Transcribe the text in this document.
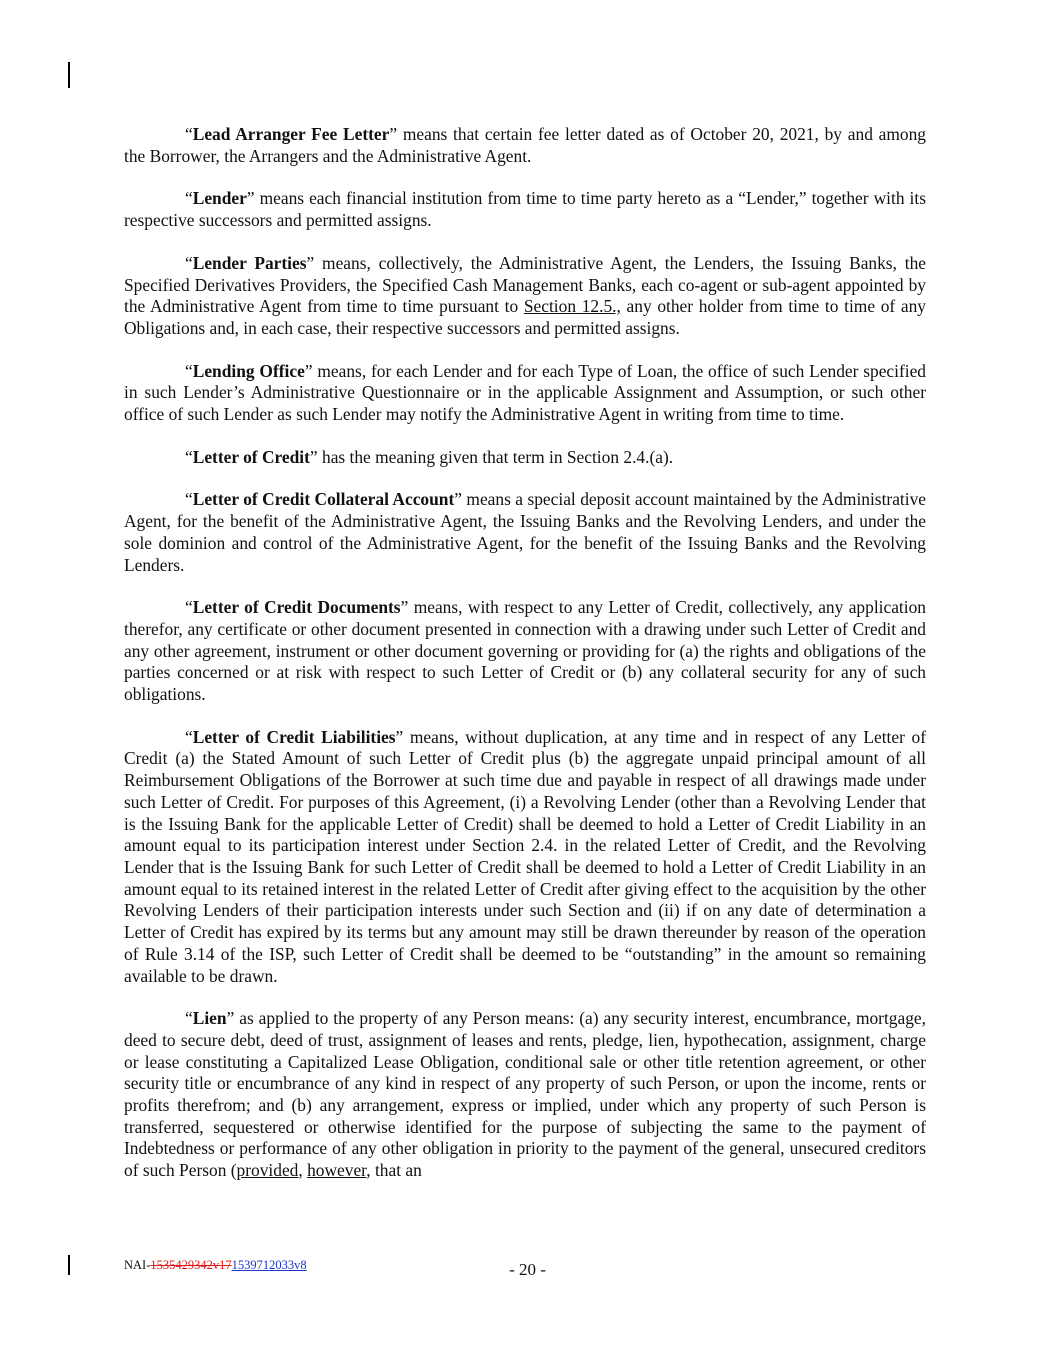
“Lead Arranger Fee Letter” means that certain fee letter dated as of October 20, 2021, by and among the Borrower, the Arrangers and the Administrative Agent.

“Lender” means each financial institution from time to time party hereto as a “Lender,” together with its respective successors and permitted assigns.

“Lender Parties” means, collectively, the Administrative Agent, the Lenders, the Issuing Banks, the Specified Derivatives Providers, the Specified Cash Management Banks, each co-agent or sub-agent appointed by the Administrative Agent from time to time pursuant to Section 12.5., any other holder from time to time of any Obligations and, in each case, their respective successors and permitted assigns.

“Lending Office” means, for each Lender and for each Type of Loan, the office of such Lender specified in such Lender’s Administrative Questionnaire or in the applicable Assignment and Assumption, or such other office of such Lender as such Lender may notify the Administrative Agent in writing from time to time.

“Letter of Credit” has the meaning given that term in Section 2.4.(a).

“Letter of Credit Collateral Account” means a special deposit account maintained by the Administrative Agent, for the benefit of the Administrative Agent, the Issuing Banks and the Revolving Lenders, and under the sole dominion and control of the Administrative Agent, for the benefit of the Issuing Banks and the Revolving Lenders.

“Letter of Credit Documents” means, with respect to any Letter of Credit, collectively, any application therefor, any certificate or other document presented in connection with a drawing under such Letter of Credit and any other agreement, instrument or other document governing or providing for (a) the rights and obligations of the parties concerned or at risk with respect to such Letter of Credit or (b) any collateral security for any of such obligations.

“Letter of Credit Liabilities” means, without duplication, at any time and in respect of any Letter of Credit (a) the Stated Amount of such Letter of Credit plus (b) the aggregate unpaid principal amount of all Reimbursement Obligations of the Borrower at such time due and payable in respect of all drawings made under such Letter of Credit. For purposes of this Agreement, (i) a Revolving Lender (other than a Revolving Lender that is the Issuing Bank for the applicable Letter of Credit) shall be deemed to hold a Letter of Credit Liability in an amount equal to its participation interest under Section 2.4. in the related Letter of Credit, and the Revolving Lender that is the Issuing Bank for such Letter of Credit shall be deemed to hold a Letter of Credit Liability in an amount equal to its retained interest in the related Letter of Credit after giving effect to the acquisition by the other Revolving Lenders of their participation interests under such Section and (ii) if on any date of determination a Letter of Credit has expired by its terms but any amount may still be drawn thereunder by reason of the operation of Rule 3.14 of the ISP, such Letter of Credit shall be deemed to be “outstanding” in the amount so remaining available to be drawn.

“Lien” as applied to the property of any Person means: (a) any security interest, encumbrance, mortgage, deed to secure debt, deed of trust, assignment of leases and rents, pledge, lien, hypothecation, assignment, charge or lease constituting a Capitalized Lease Obligation, conditional sale or other title retention agreement, or other security title or encumbrance of any kind in respect of any property of such Person, or upon the income, rents or profits therefrom; and (b) any arrangement, express or implied, under which any property of such Person is transferred, sequestered or otherwise identified for the purpose of subjecting the same to the payment of Indebtedness or performance of any other obligation in priority to the payment of the general, unsecured creditors of such Person (provided, however, that an

NAI-1535429342v171539712033v8	- 20 -
